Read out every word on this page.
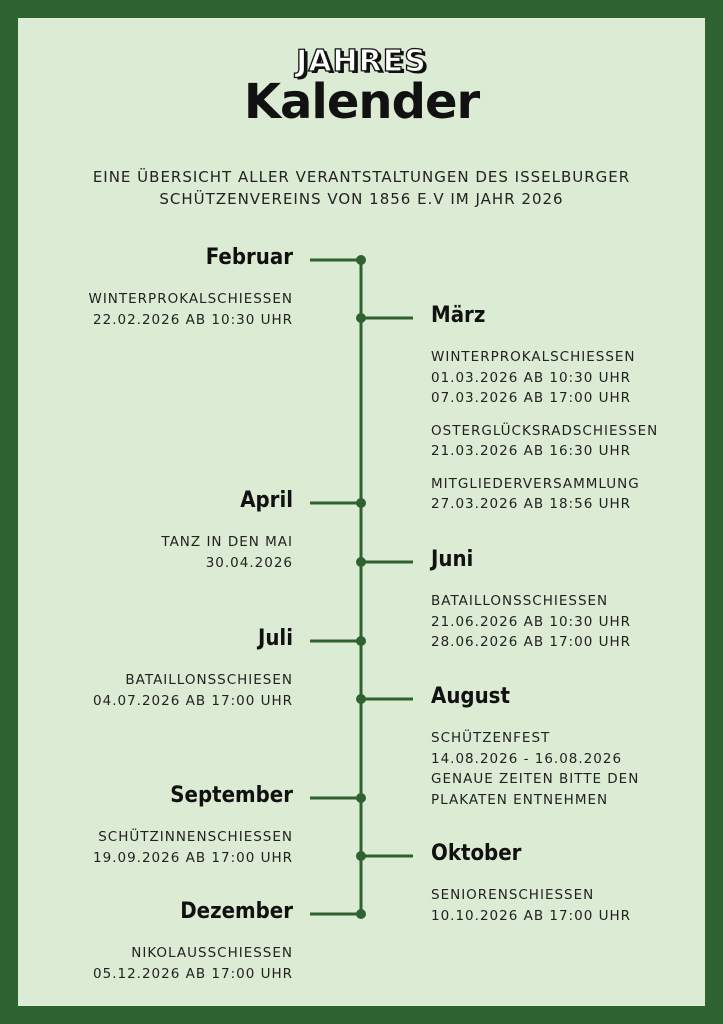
JAHRES
Kalender
EINE ÜBERSICHT ALLER VERANTSTALTUNGEN DES ISSELBURGER
SCHÜTZENVEREINS VON 1856 E.V IM JAHR 2026
Februar
WINTERPROKALSCHIESSEN
22.02.2026 AB 10:30 UHR	März
WINTERPROKALSCHIESSEN
01.03.2026 AB 10:30 UHR
07.03.2026 AB 17:00 UHR
OSTERGLÜCKSRADSCHIESSEN
21.03.2026 AB 16:30 UHR
MITGLIEDERVERSAMMLUNG
27.03.2026 AB 18:56 UHR
April
TANZ IN DEN MAI
30.04.2026	Juni
BATAILLONSSCHIESSEN
21.06.2026 AB 10:30 UHR
28.06.2026 AB 17:00 UHR
Juli
BATAILLONSSCHIESEN
04.07.2026 AB 17:00 UHR	August
SCHÜTZENFEST
14.08.2026 - 16.08.2026
GENAUE ZEITEN BITTE DEN
PLAKATEN ENTNEHMEN
September
SCHÜTZINNENSCHIESSEN
19.09.2026 AB 17:00 UHR	Oktober
SENIORENSCHIESSEN
10.10.2026 AB 17:00 UHR
Dezember
NIKOLAUSSCHIESSEN
05.12.2026 AB 17:00 UHR
